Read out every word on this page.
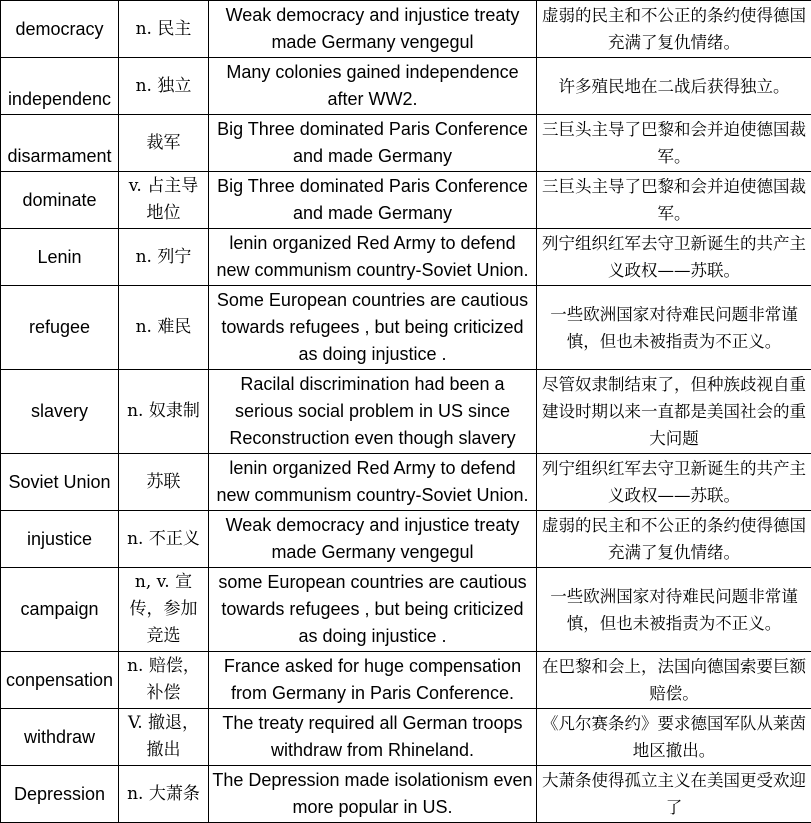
democracy	n. 民主	Weak democracy and injustice treaty made Germany vengegul	虚弱的民主和不公正的条约使得德国充满了复仇情绪。
independenc	n. 独立	Many colonies gained independence after WW2.	许多殖民地在二战后获得独立。
disarmament	裁军	Big Three dominated Paris Conference and made Germany	三巨头主导了巴黎和会并迫使德国裁军。
dominate	v. 占主导地位	Big Three dominated Paris Conference and made Germany	三巨头主导了巴黎和会并迫使德国裁军。
Lenin	n. 列宁	lenin organized Red Army to defend new communism country-Soviet Union.	列宁组织红军去守卫新诞生的共产主义政权——苏联。
refugee	n. 难民	Some European countries are cautious towards refugees , but being criticized as doing injustice .	一些欧洲国家对待难民问题非常谨慎，但也未被指责为不正义。
slavery	n. 奴隶制	Racilal discrimination had been a serious social problem in US since Reconstruction even though slavery	尽管奴隶制结束了，但种族歧视自重建设时期以来一直都是美国社会的重大问题
Soviet Union	苏联	lenin organized Red Army to defend new communism country-Soviet Union.	列宁组织红军去守卫新诞生的共产主义政权——苏联。
injustice	n. 不正义	Weak democracy and injustice treaty made Germany vengegul	虚弱的民主和不公正的条约使得德国充满了复仇情绪。
campaign	n, v. 宣传，参加竞选	some European countries are cautious towards refugees , but being criticized as doing injustice .	一些欧洲国家对待难民问题非常谨慎，但也未被指责为不正义。
conpensation	n. 赔偿，补偿	France asked for huge compensation from Germany in Paris Conference.	在巴黎和会上，法国向德国索要巨额赔偿。
withdraw	V. 撤退，撤出	The treaty required all German troops withdraw from Rhineland.	《凡尔赛条约》要求德国军队从莱茵地区撤出。
Depression	n. 大萧条	The Depression made isolationism even more popular in US.	大萧条使得孤立主义在美国更受欢迎了
